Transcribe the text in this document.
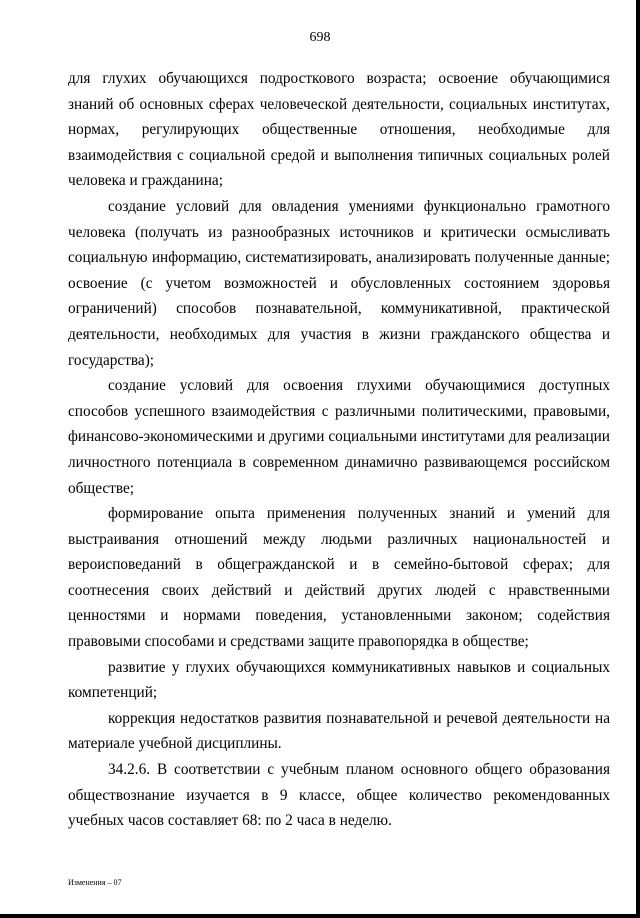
698

для глухих обучающихся подросткового возраста; освоение обучающимися знаний об основных сферах человеческой деятельности, социальных институтах, нормах, регулирующих общественные отношения, необходимые для взаимодействия с социальной средой и выполнения типичных социальных ролей человека и гражданина;

создание условий для овладения умениями функционально грамотного человека (получать из разнообразных источников и критически осмысливать социальную информацию, систематизировать, анализировать полученные данные; освоение (с учетом возможностей и обусловленных состоянием здоровья ограничений) способов познавательной, коммуникативной, практической деятельности, необходимых для участия в жизни гражданского общества и государства);

создание условий для освоения глухими обучающимися доступных способов успешного взаимодействия с различными политическими, правовыми, финансово-экономическими и другими социальными институтами для реализации личностного потенциала в современном динамично развивающемся российском обществе;

формирование опыта применения полученных знаний и умений для выстраивания отношений между людьми различных национальностей и вероисповеданий в общегражданской и в семейно-бытовой сферах; для соотнесения своих действий и действий других людей с нравственными ценностями и нормами поведения, установленными законом; содействия правовыми способами и средствами защите правопорядка в обществе;

развитие у глухих обучающихся коммуникативных навыков и социальных компетенций;

коррекция недостатков развития познавательной и речевой деятельности на материале учебной дисциплины.

34.2.6. В соответствии с учебным планом основного общего образования обществознание изучается в 9 классе, общее количество рекомендованных учебных часов составляет 68: по 2 часа в неделю.

Изменения – 07
